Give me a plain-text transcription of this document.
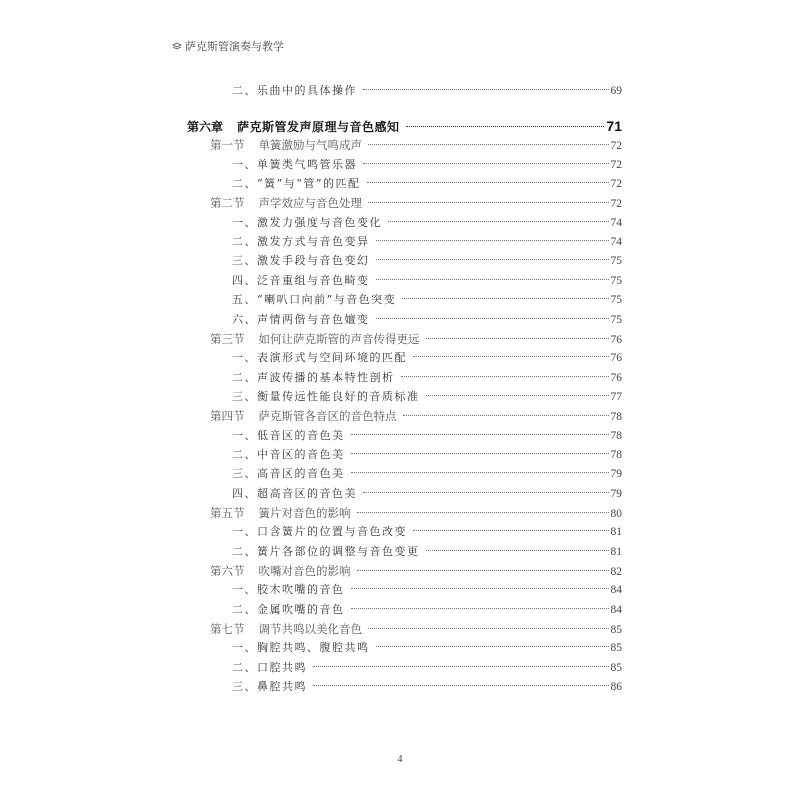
萨克斯管演奏与教学
二、乐曲中的具体操作	69
第六章 萨克斯管发声原理与音色感知	71
第一节 单簧激励与气鸣成声	72
一、单簧类气鸣管乐器	72
二、“簧”与“管”的匹配	72
第二节 声学效应与音色处理	72
一、激发力强度与音色变化	74
二、激发方式与音色变异	74
三、激发手段与音色变幻	75
四、泛音重组与音色畸变	75
五、“喇叭口向前”与音色突变	75
六、声情两偕与音色嬗变	75
第三节 如何让萨克斯管的声音传得更远	76
一、表演形式与空间环境的匹配	76
二、声波传播的基本特性剖析	76
三、衡量传远性能良好的音质标准	77
第四节 萨克斯管各音区的音色特点	78
一、低音区的音色美	78
二、中音区的音色美	78
三、高音区的音色美	79
四、超高音区的音色美	79
第五节 簧片对音色的影响	80
一、口含簧片的位置与音色改变	81
二、簧片各部位的调整与音色变更	81
第六节 吹嘴对音色的影响	82
一、胶木吹嘴的音色	84
二、金属吹嘴的音色	84
第七节 调节共鸣以美化音色	85
一、胸腔共鸣、腹腔共鸣	85
二、口腔共鸣	85
三、鼻腔共鸣	86
4
